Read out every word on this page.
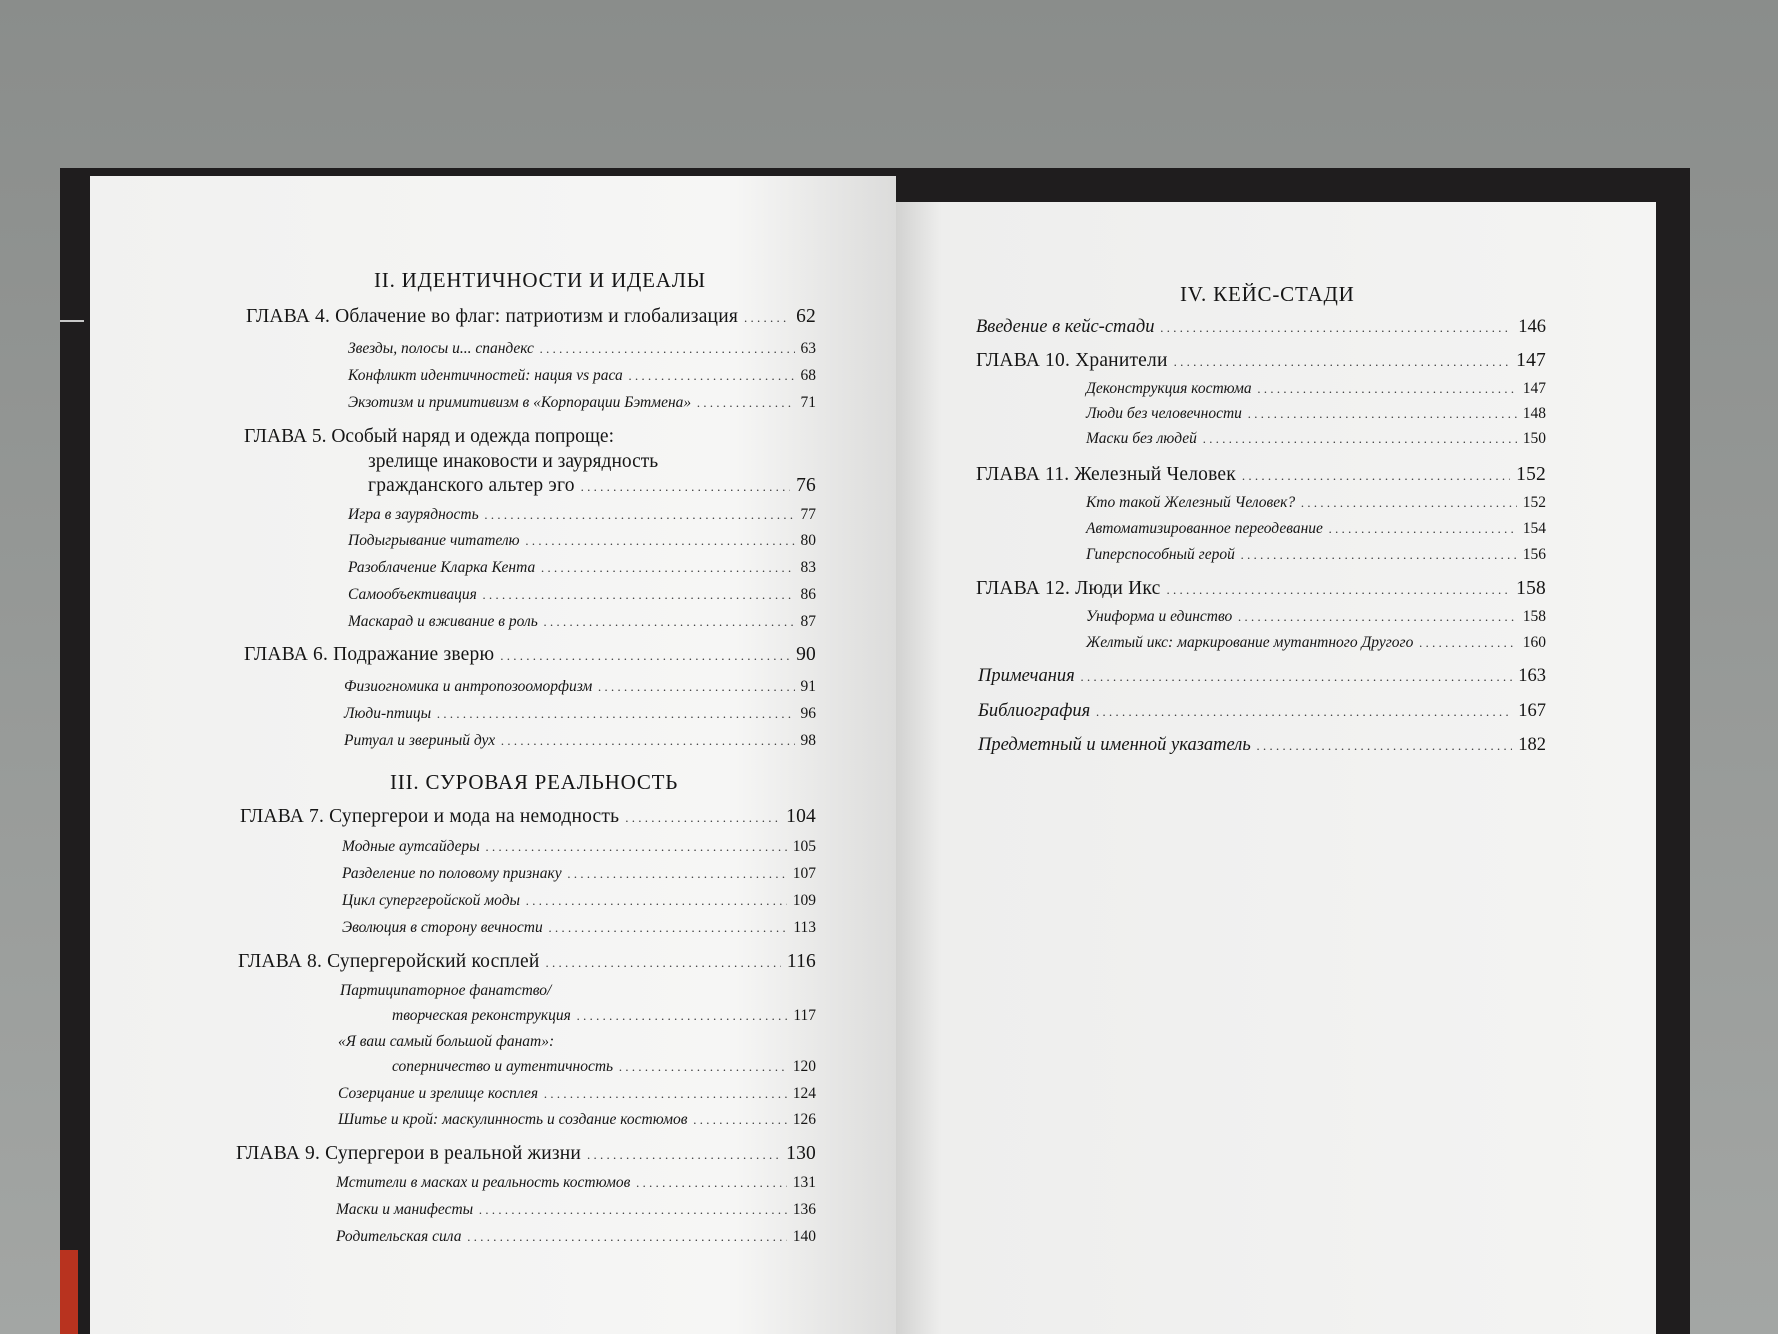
II. ИДЕНТИЧНОСТИ И ИДЕАЛЫ
ГЛАВА 4. Облачение во флаг: патриотизм и глобализация . . .	62
Звезды, полосы и... спандекс . . .	63
Конфликт идентичностей: нация vs раса . . .	68
Экзотизм и примитивизм в «Корпорации Бэтмена» . . .	71
ГЛАВА 5. Особый наряд и одежда попроще:
зрелище инаковости и заурядность
гражданского альтер эго . . .	76
Игра в заурядность . . .	77
Подыгрывание читателю . . .	80
Разоблачение Кларка Кента . . .	83
Самообъективация . . .	86
Маскарад и вживание в роль . . .	87
ГЛАВА 6. Подражание зверю . . .	90
Физиогномика и антропозооморфизм . . .	91
Люди-птицы . . .	96
Ритуал и звериный дух . . .	98
III. СУРОВАЯ РЕАЛЬНОСТЬ
ГЛАВА 7. Супергерои и мода на немодность . . .	104
Модные аутсайдеры . . .	105
Разделение по половому признаку . . .	107
Цикл супергеройской моды . . .	109
Эволюция в сторону вечности . . .	113
ГЛАВА 8. Супергеройский косплей . . .	116
Партиципаторное фанатство/
творческая реконструкция . . .	117
«Я ваш самый большой фанат»:
соперничество и аутентичность . . .	120
Созерцание и зрелище косплея . . .	124
Шитье и крой: маскулинность и создание костюмов . . .	126
ГЛАВА 9. Супергерои в реальной жизни . . .	130
Мстители в масках и реальность костюмов . . .	131
Маски и манифесты . . .	136
Родительская сила . . .	140
IV. КЕЙС-СТАДИ
Введение в кейс-стади . . .	146
ГЛАВА 10. Хранители . . .	147
Деконструкция костюма . . .	147
Люди без человечности . . .	148
Маски без людей . . .	150
ГЛАВА 11. Железный Человек . . .	152
Кто такой Железный Человек? . . .	152
Автоматизированное переодевание . . .	154
Гиперспособный герой . . .	156
ГЛАВА 12. Люди Икс . . .	158
Униформа и единство . . .	158
Желтый икс: маркирование мутантного Другого . . .	160
Примечания . . .	163
Библиография . . .	167
Предметный и именной указатель . . .	182
